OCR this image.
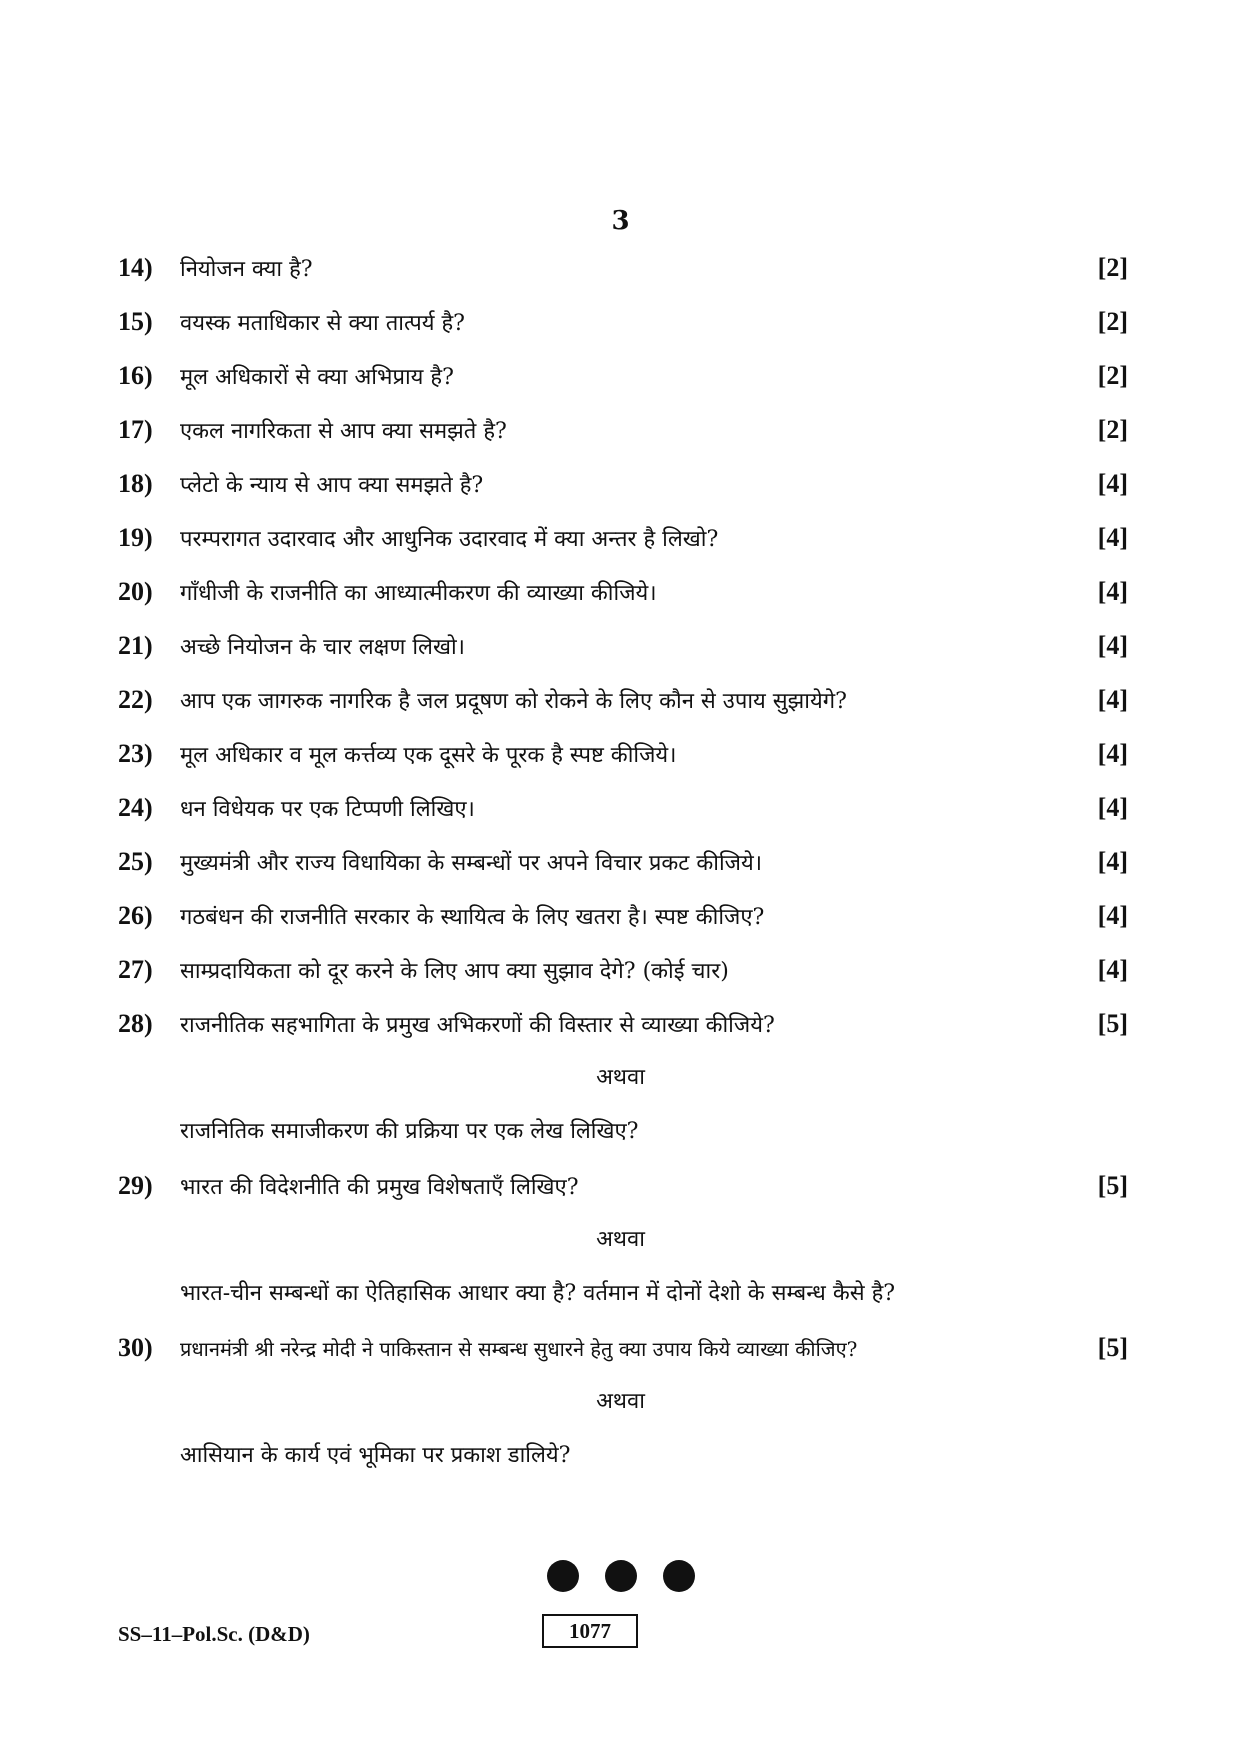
3
14)	नियोजन क्या है?	[2]
15)	वयस्क मताधिकार से क्या तात्पर्य है?	[2]
16)	मूल अधिकारों से क्या अभिप्राय है?	[2]
17)	एकल नागरिकता से आप क्या समझते है?	[2]
18)	प्लेटो के न्याय से आप क्या समझते है?	[4]
19)	परम्परागत उदारवाद और आधुनिक उदारवाद में क्या अन्तर है लिखो?	[4]
20)	गाँधीजी के राजनीति का आध्यात्मीकरण की व्याख्या कीजिये।	[4]
21)	अच्छे नियोजन के चार लक्षण लिखो।	[4]
22)	आप एक जागरुक नागरिक है जल प्रदूषण को रोकने के लिए कौन से उपाय सुझायेगे?	[4]
23)	मूल अधिकार व मूल कर्त्तव्य एक दूसरे के पूरक है स्पष्ट कीजिये।	[4]
24)	धन विधेयक पर एक टिप्पणी लिखिए।	[4]
25)	मुख्यमंत्री और राज्य विधायिका के सम्बन्धों पर अपने विचार प्रकट कीजिये।	[4]
26)	गठबंधन की राजनीति सरकार के स्थायित्व के लिए खतरा है। स्पष्ट कीजिए?	[4]
27)	साम्प्रदायिकता को दूर करने के लिए आप क्या सुझाव देगे? (कोई चार)	[4]
28)	राजनीतिक सहभागिता के प्रमुख अभिकरणों की विस्तार से व्याख्या कीजिये?	[5]
अथवा
राजनितिक समाजीकरण की प्रक्रिया पर एक लेख लिखिए?
29)	भारत की विदेशनीति की प्रमुख विशेषताएँ लिखिए?	[5]
अथवा
भारत-चीन सम्बन्धों का ऐतिहासिक आधार क्या है? वर्तमान में दोनों देशो के सम्बन्ध कैसे है?
30)	प्रधानमंत्री श्री नरेन्द्र मोदी ने पाकिस्तान से सम्बन्ध सुधारने हेतु क्या उपाय किये व्याख्या कीजिए?	[5]
अथवा
आसियान के कार्य एवं भूमिका पर प्रकाश डालिये?
SS–11–Pol.Sc. (D&D)	1077
